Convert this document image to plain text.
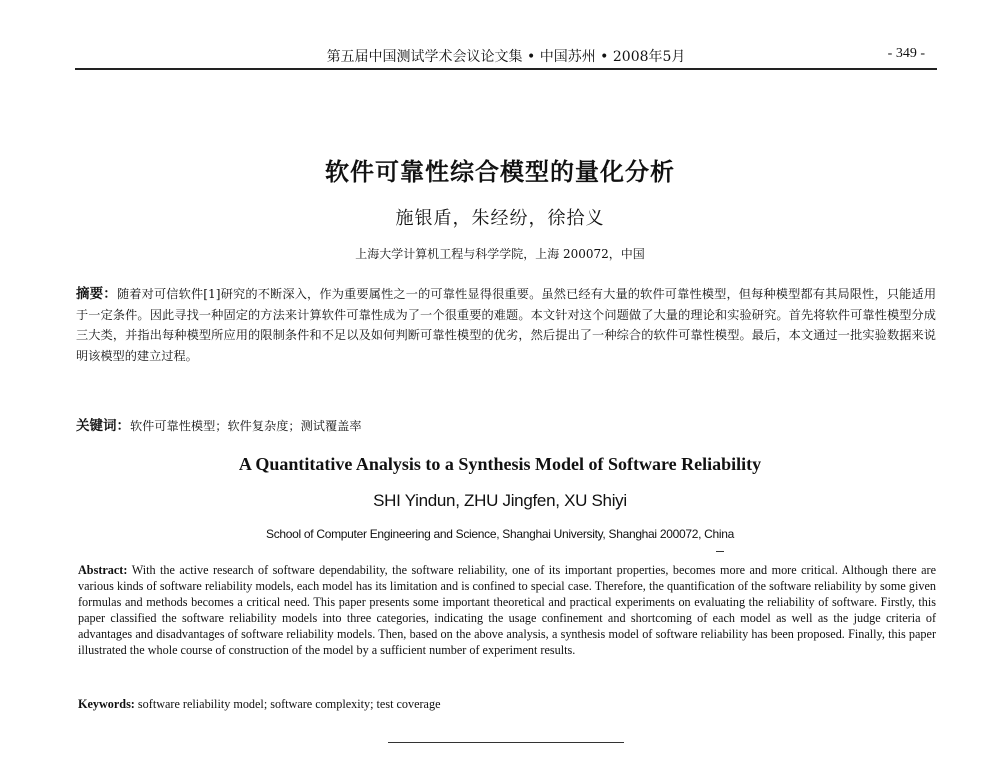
第五届中国测试学术会议论文集 • 中国苏州 • 2008年5月	- 349 -
软件可靠性综合模型的量化分析
施银盾，朱经纷，徐拾义
上海大学计算机工程与科学学院，上海 200072，中国
摘要：随着对可信软件[1]研究的不断深入，作为重要属性之一的可靠性显得很重要。虽然已经有大量的软件可靠性模型，但每种模型都有其局限性，只能适用于一定条件。因此寻找一种固定的方法来计算软件可靠性成为了一个很重要的难题。本文针对这个问题做了大量的理论和实验研究。首先将软件可靠性模型分成三大类，并指出每种模型所应用的限制条件和不足以及如何判断可靠性模型的优劣，然后提出了一种综合的软件可靠性模型。最后，本文通过一批实验数据来说明该模型的建立过程。
关键词：软件可靠性模型；软件复杂度；测试覆盖率
A Quantitative Analysis to a Synthesis Model of Software Reliability
SHI Yindun, ZHU Jingfen, XU Shiyi
School of Computer Engineering and Science, Shanghai University, Shanghai 200072, China
Abstract: With the active research of software dependability, the software reliability, one of its important properties, becomes more and more critical. Although there are various kinds of software reliability models, each model has its limitation and is confined to special case. Therefore, the quantification of the software reliability by some given formulas and methods becomes a critical need. This paper presents some important theoretical and practical experiments on evaluating the reliability of software. Firstly, this paper classified the software reliability models into three categories, indicating the usage confinement and shortcoming of each model as well as the judge criteria of advantages and disadvantages of software reliability models. Then, based on the above analysis, a synthesis model of software reliability has been proposed. Finally, this paper illustrated the whole course of construction of the model by a sufficient number of experiment results.
Keywords: software reliability model; software complexity; test coverage
